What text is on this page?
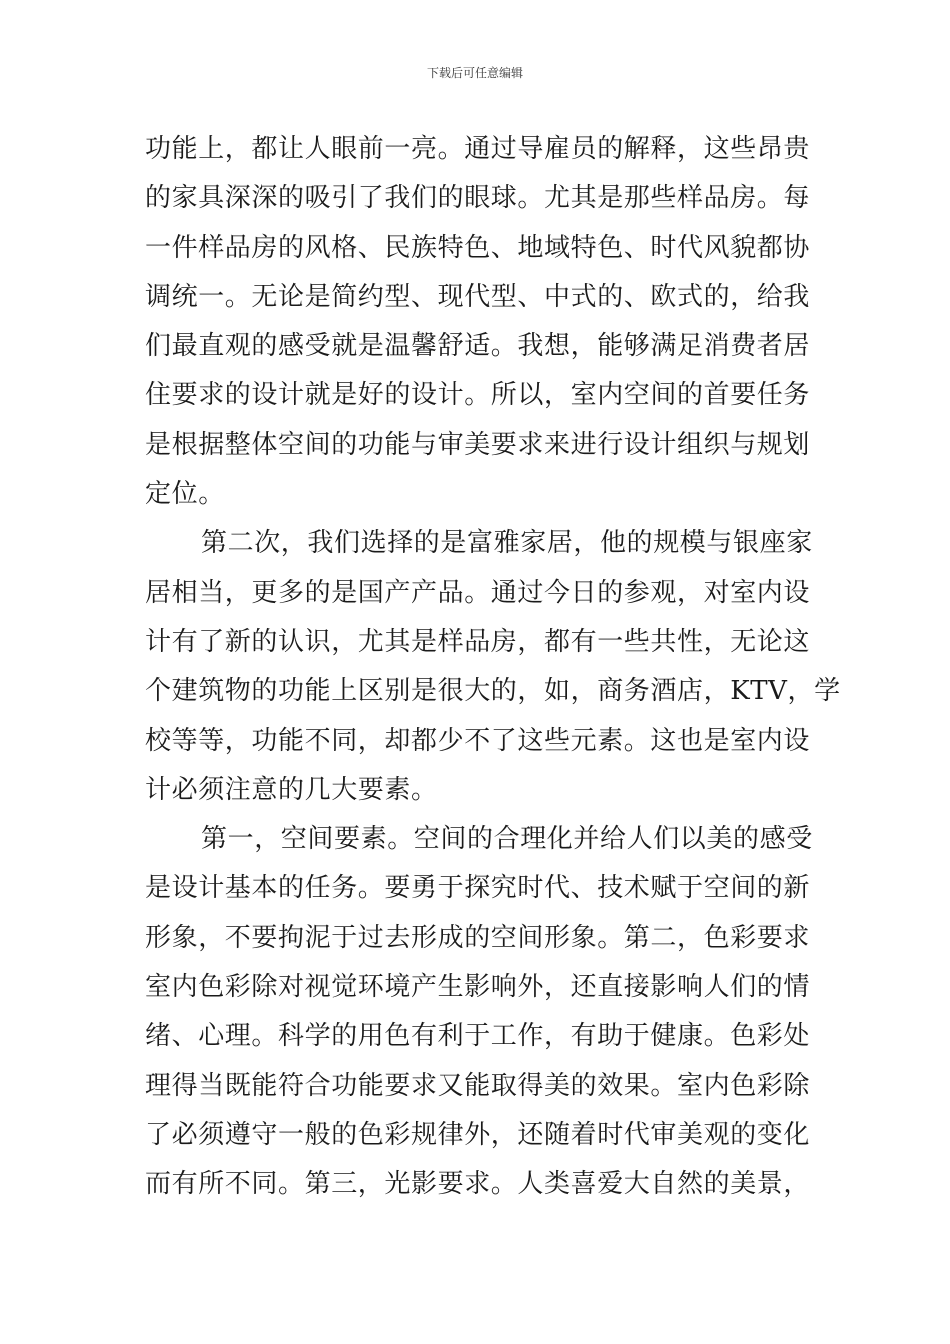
下载后可任意编辑
功能上，都让人眼前一亮。通过导雇员的解释，这些昂贵
的家具深深的吸引了我们的眼球。尤其是那些样品房。每
一件样品房的风格、民族特色、地域特色、时代风貌都协
调统一。无论是简约型、现代型、中式的、欧式的，给我
们最直观的感受就是温馨舒适。我想，能够满足消费者居
住要求的设计就是好的设计。所以，室内空间的首要任务
是根据整体空间的功能与审美要求来进行设计组织与规划
定位。
第二次，我们选择的是富雅家居，他的规模与银座家
居相当，更多的是国产产品。通过今日的参观，对室内设
计有了新的认识，尤其是样品房，都有一些共性，无论这
个建筑物的功能上区别是很大的，如，商务酒店，KTV，学
校等等，功能不同，却都少不了这些元素。这也是室内设
计必须注意的几大要素。
第一，空间要素。空间的合理化并给人们以美的感受
是设计基本的任务。要勇于探究时代、技术赋于空间的新
形象，不要拘泥于过去形成的空间形象。第二，色彩要求
室内色彩除对视觉环境产生影响外，还直接影响人们的情
绪、心理。科学的用色有利于工作，有助于健康。色彩处
理得当既能符合功能要求又能取得美的效果。室内色彩除
了必须遵守一般的色彩规律外，还随着时代审美观的变化
而有所不同。第三，光影要求。人类喜爱大自然的美景，
